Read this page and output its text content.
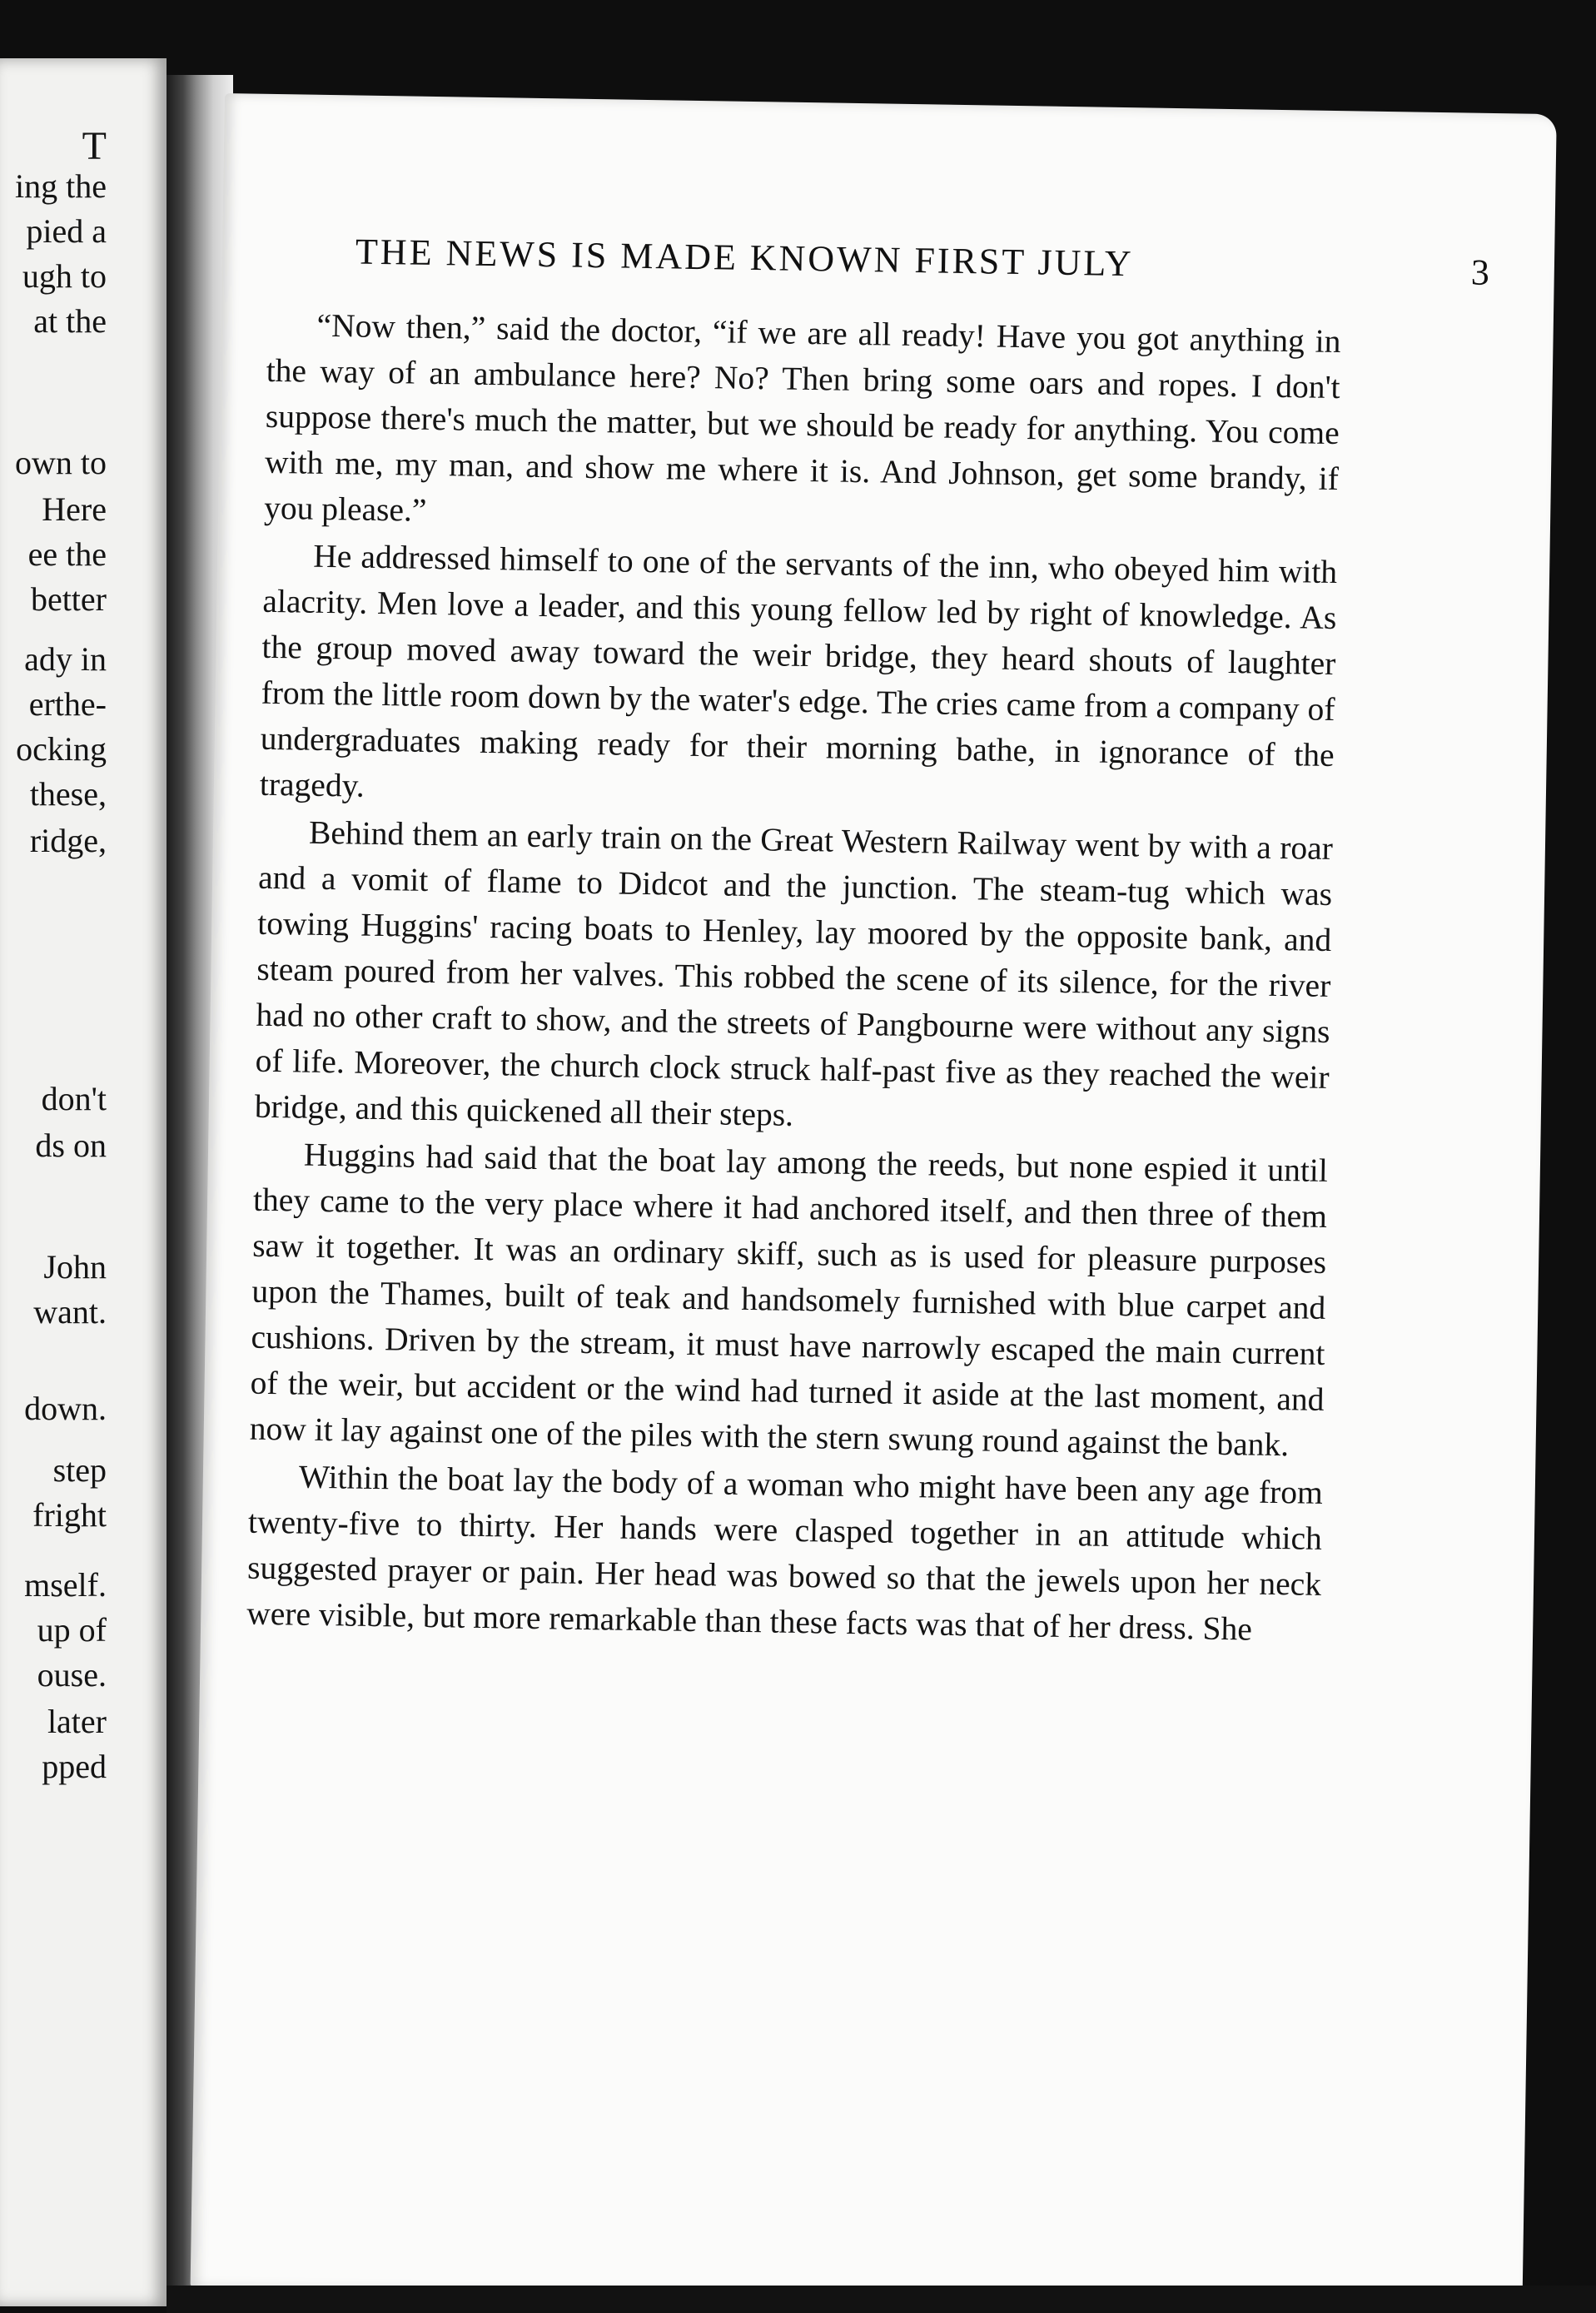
T
ing the
pied a
ugh to
at the
own to
Here
ee the
better
ady in
erthe-
ocking
these,
ridge,
don't
ds on
John
want.
down.
step
fright
mself.
up of
ouse.
later
pped
THE NEWS IS MADE KNOWN FIRST JULY	3

“Now then,” said the doctor, “if we are all ready! Have you got anything in the way of an ambulance here? No? Then bring some oars and ropes. I don't suppose there's much the matter, but we should be ready for anything. You come with me, my man, and show me where it is. And Johnson, get some brandy, if you please.”

He addressed himself to one of the servants of the inn, who obeyed him with alacrity. Men love a leader, and this young fellow led by right of knowledge. As the group moved away toward the weir bridge, they heard shouts of laughter from the little room down by the water's edge. The cries came from a company of undergraduates making ready for their morning bathe, in ignorance of the tragedy.

Behind them an early train on the Great Western Railway went by with a roar and a vomit of flame to Didcot and the junction. The steam-tug which was towing Huggins' racing boats to Henley, lay moored by the opposite bank, and steam poured from her valves. This robbed the scene of its silence, for the river had no other craft to show, and the streets of Pangbourne were without any signs of life. Moreover, the church clock struck half-past five as they reached the weir bridge, and this quickened all their steps.

Huggins had said that the boat lay among the reeds, but none espied it until they came to the very place where it had anchored itself, and then three of them saw it together. It was an ordinary skiff, such as is used for pleasure purposes upon the Thames, built of teak and handsomely furnished with blue carpet and cushions. Driven by the stream, it must have narrowly escaped the main current of the weir, but accident or the wind had turned it aside at the last moment, and now it lay against one of the piles with the stern swung round against the bank.

Within the boat lay the body of a woman who might have been any age from twenty-five to thirty. Her hands were clasped together in an attitude which suggested prayer or pain. Her head was bowed so that the jewels upon her neck were visible, but more remarkable than these facts was that of her dress. She
